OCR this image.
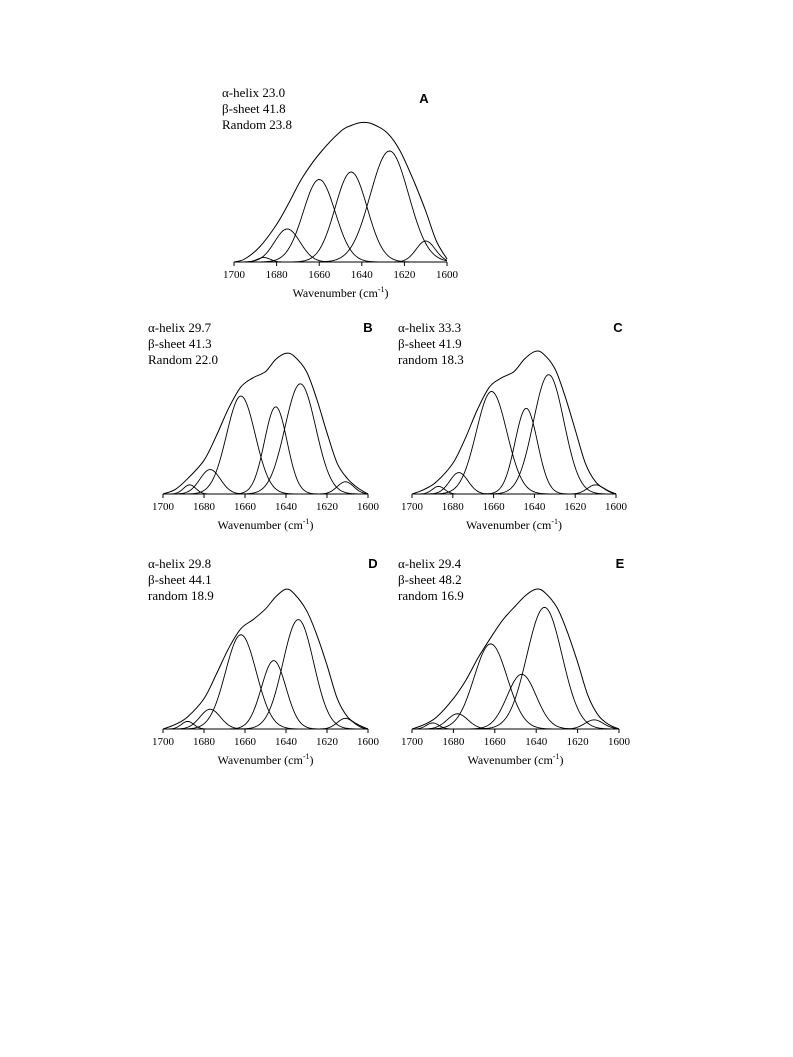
1700 1680 1660 1640 1620 1600
Wavenumber $(cm^{-1})$
A
α-helix 23.0
β-sheet 41.8
Random 23.8
1700 1680 1660 1640 1620 1600
Wavenumber $(cm^{-1})$
B
α-helix 29.7
β-sheet 41.3
Random 22.0
1700 1680 1660 1640 1620 1600
Wavenumber $(cm^{-1})$
C
α-helix 33.3
β-sheet 41.9
random 18.3
1700 1680 1660 1640 1620 1600
Wavenumber $(cm^{-1})$
D
α-helix 29.8
β-sheet 44.1
random 18.9
1700 1680 1660 1640 1620 1600
Wavenumber $(cm^{-1})$
E
α-helix 29.4
β-sheet 48.2
random 16.9
